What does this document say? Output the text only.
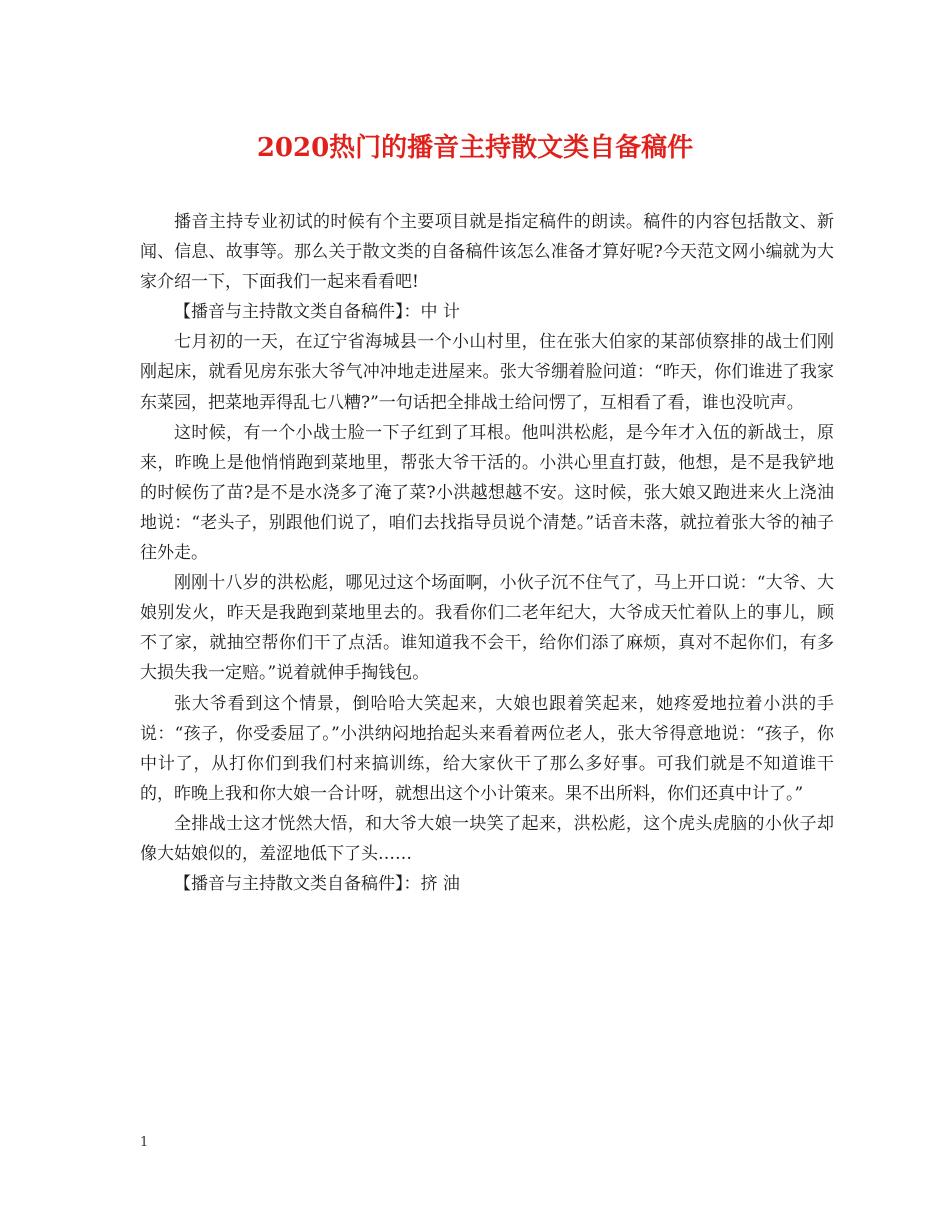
2020热门的播音主持散文类自备稿件

播音主持专业初试的时候有个主要项目就是指定稿件的朗读。稿件的内容包括散文、新闻、信息、故事等。那么关于散文类的自备稿件该怎么准备才算好呢?今天范文网小编就为大家介绍一下，下面我们一起来看看吧!

【播音与主持散文类自备稿件】：中 计

七月初的一天，在辽宁省海城县一个小山村里，住在张大伯家的某部侦察排的战士们刚刚起床，就看见房东张大爷气冲冲地走进屋来。张大爷绷着脸问道：“昨天，你们谁进了我家东菜园，把菜地弄得乱七八糟?”一句话把全排战士给问愣了，互相看了看，谁也没吭声。

这时候，有一个小战士脸一下子红到了耳根。他叫洪松彪，是今年才入伍的新战士，原来，昨晚上是他悄悄跑到菜地里，帮张大爷干活的。小洪心里直打鼓，他想，是不是我铲地的时候伤了苗?是不是水浇多了淹了菜?小洪越想越不安。这时候，张大娘又跑进来火上浇油地说：“老头子，别跟他们说了，咱们去找指导员说个清楚。”话音未落，就拉着张大爷的袖子往外走。

刚刚十八岁的洪松彪，哪见过这个场面啊，小伙子沉不住气了，马上开口说：“大爷、大娘别发火，昨天是我跑到菜地里去的。我看你们二老年纪大，大爷成天忙着队上的事儿，顾不了家，就抽空帮你们干了点活。谁知道我不会干，给你们添了麻烦，真对不起你们，有多大损失我一定赔。”说着就伸手掏钱包。

张大爷看到这个情景，倒哈哈大笑起来，大娘也跟着笑起来，她疼爱地拉着小洪的手说：“孩子，你受委屈了。”小洪纳闷地抬起头来看着两位老人，张大爷得意地说：“孩子，你中计了，从打你们到我们村来搞训练，给大家伙干了那么多好事。可我们就是不知道谁干的，昨晚上我和你大娘一合计呀，就想出这个小计策来。果不出所料，你们还真中计了。”

全排战士这才恍然大悟，和大爷大娘一块笑了起来，洪松彪，这个虎头虎脑的小伙子却像大姑娘似的，羞涩地低下了头……

【播音与主持散文类自备稿件】：挤 油

1
